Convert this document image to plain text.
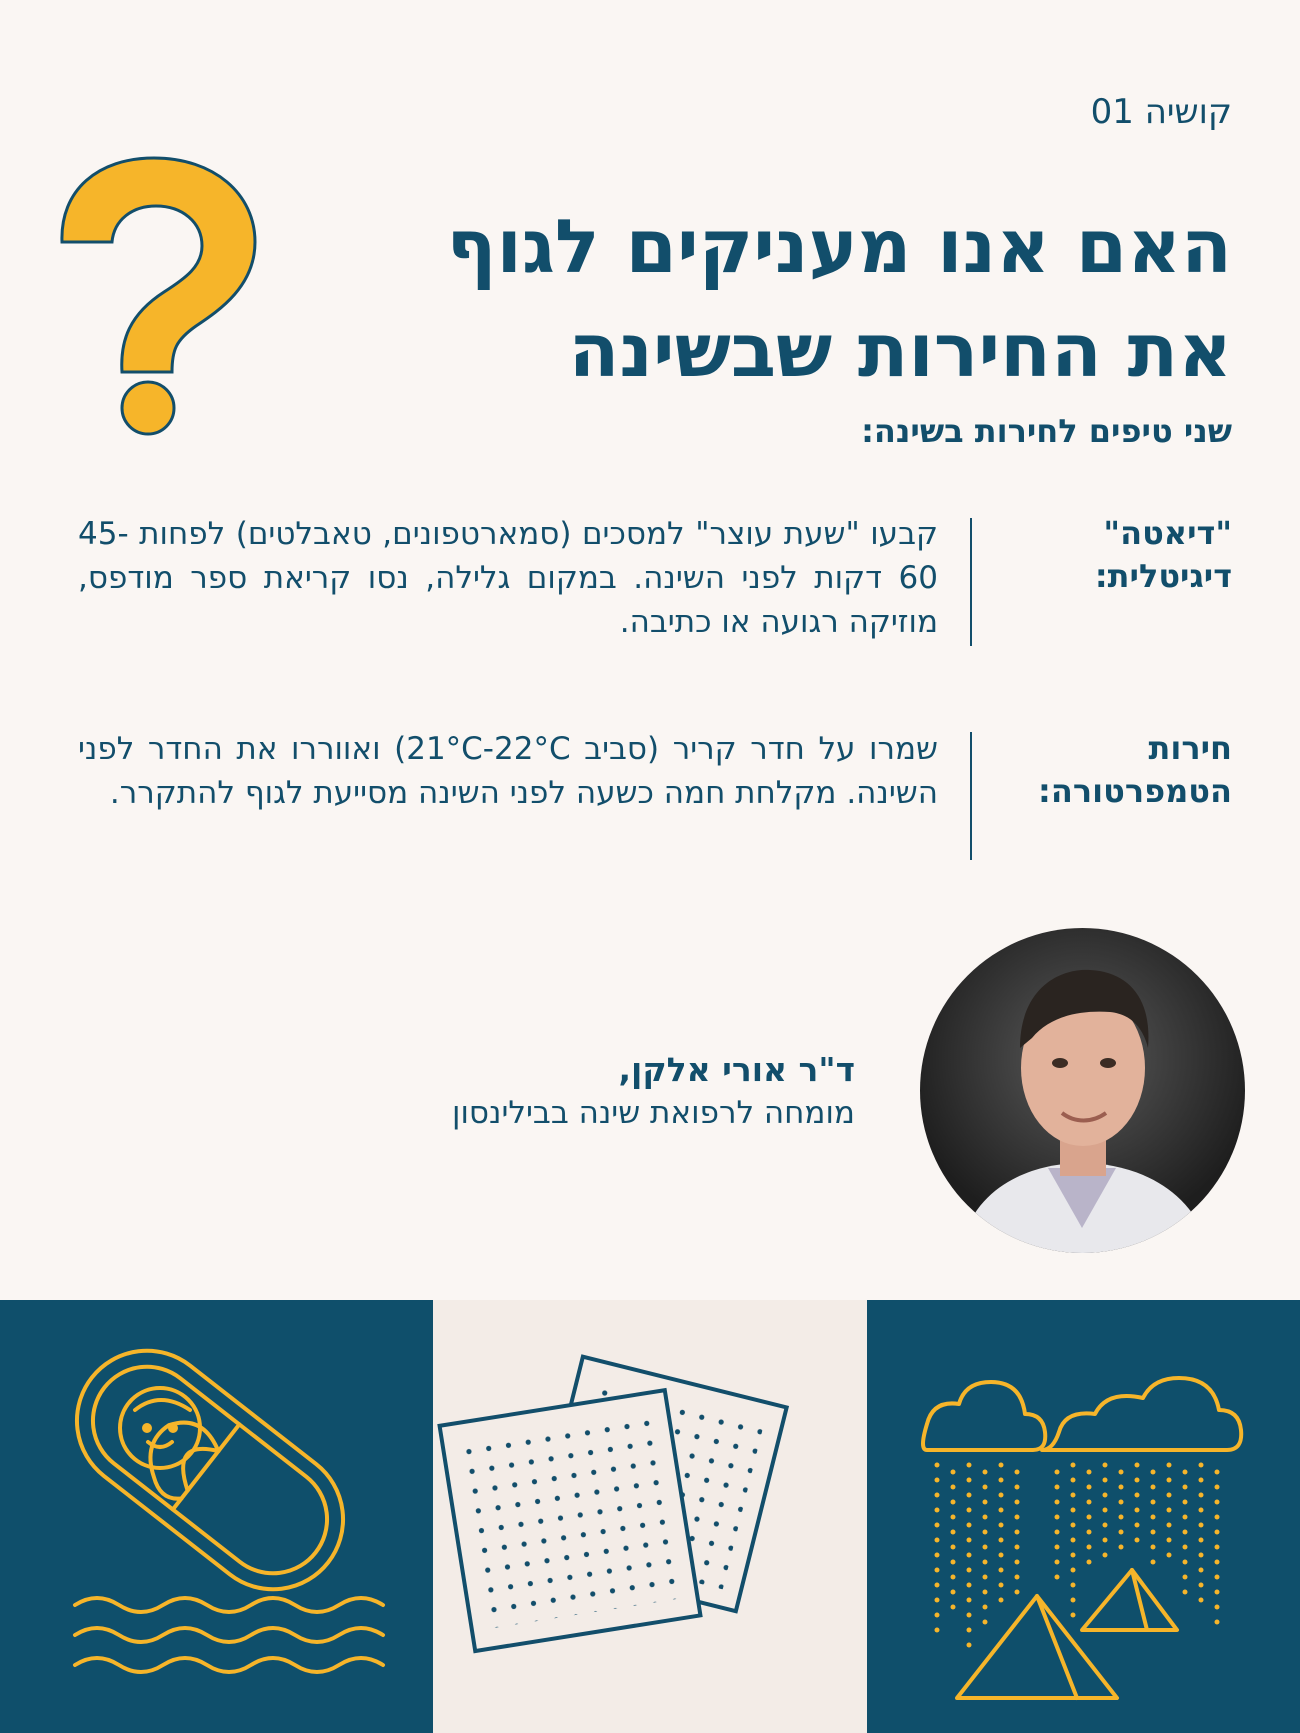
קושיה 01
האם אנו מעניקים לגוף
את החירות שבשינה
שני טיפים לחירות בשינה:
"דיאטה"
דיגיטלית:
קבעו "שעת עוצר" למסכים (סמארטפונים, טאבלטים) לפחות 45-60 דקות לפני השינה. במקום גלילה, נסו קריאת ספר מודפס, מוזיקה רגועה או כתיבה.
חירות
הטמפרטורה:
שמרו על חדר קריר (סביב 21°C-22°C) ואווררו את החדר לפני השינה. מקלחת חמה כשעה לפני השינה מסייעת לגוף להתקרר.
ד"ר אורי אלקן,
מומחה לרפואת שינה בבילינסון
